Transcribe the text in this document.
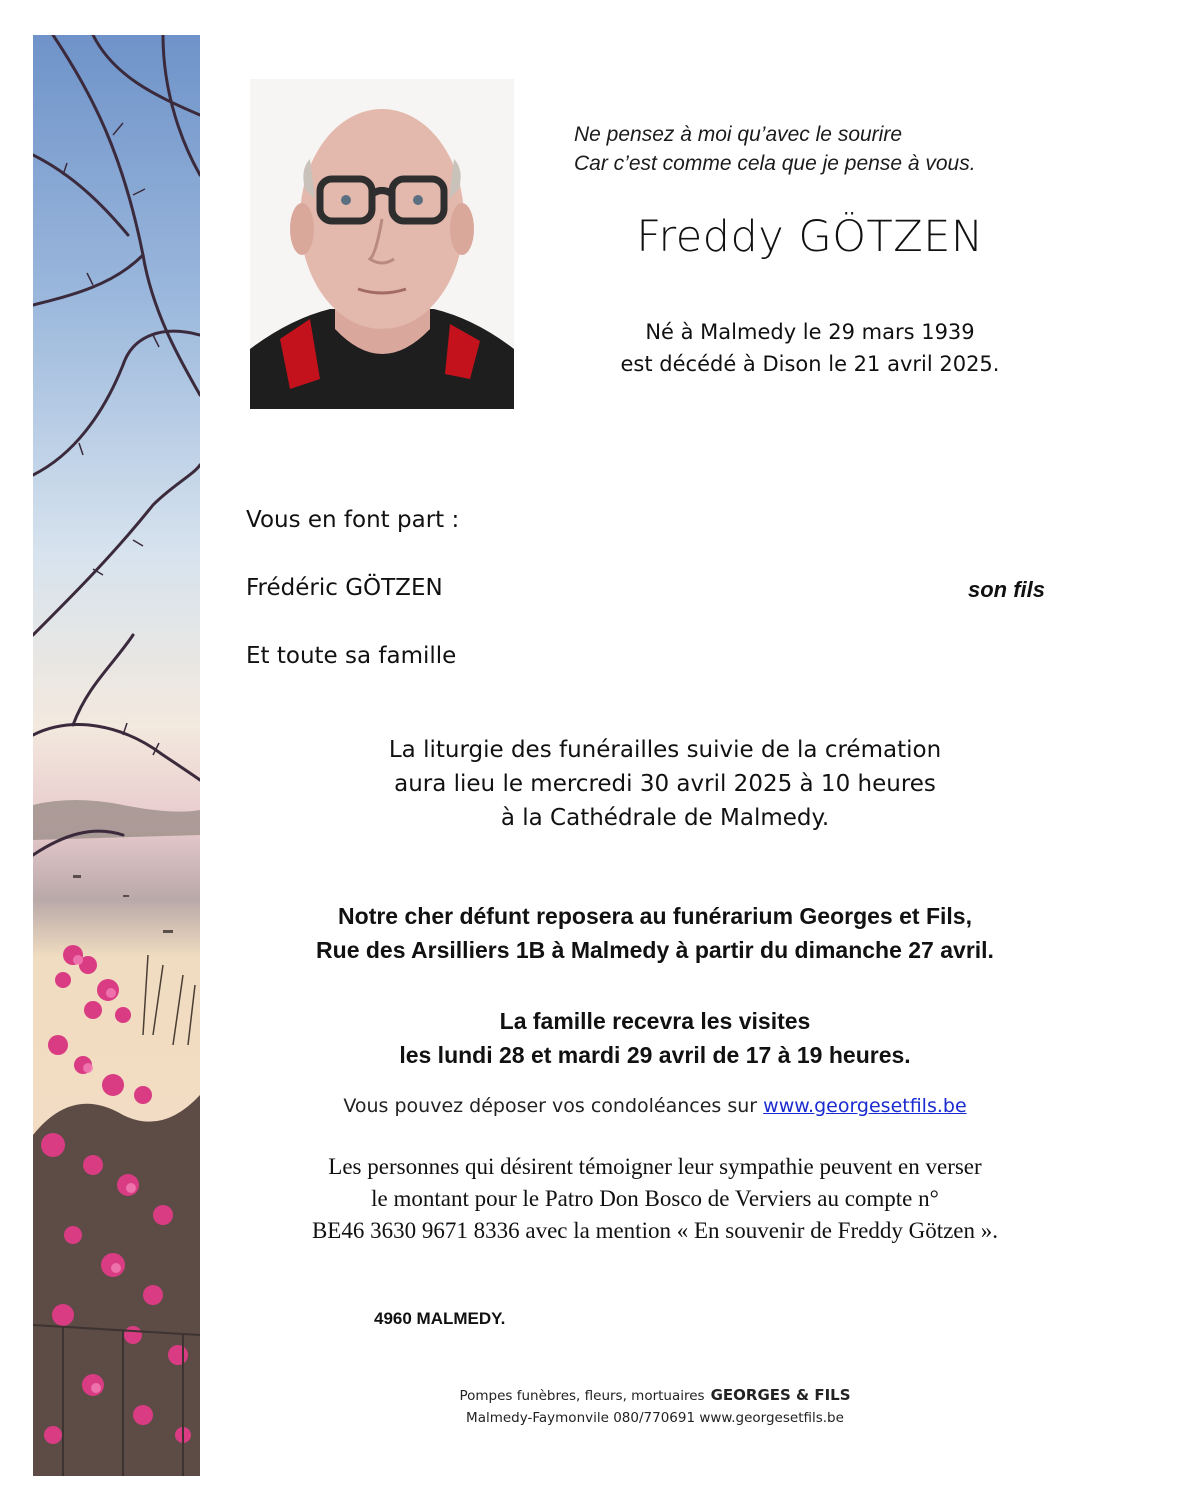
Ne pensez à moi qu’avec le sourire
Car c’est comme cela que je pense à vous.
Freddy GÖTZEN
Né à Malmedy le 29 mars 1939
est décédé à Dison le 21 avril 2025.
Vous en font part :
Frédéric GÖTZEN	son fils
Et toute sa famille
La liturgie des funérailles suivie de la crémation
aura lieu le mercredi 30 avril 2025 à 10 heures
à la Cathédrale de Malmedy.
Notre cher défunt reposera au funérarium Georges et Fils,
Rue des Arsilliers 1B à Malmedy à partir du dimanche 27 avril.
La famille recevra les visites
les lundi 28 et mardi 29 avril de 17 à 19 heures.
Vous pouvez déposer vos condoléances sur www.georgesetfils.be
Les personnes qui désirent témoigner leur sympathie peuvent en verser
le montant pour le Patro Don Bosco de Verviers au compte n°
BE46 3630 9671 8336 avec la mention « En souvenir de Freddy Götzen ».
4960 MALMEDY.
Pompes funèbres, fleurs, mortuaires GEORGES & FILS
Malmedy-Faymonvile 080/770691 www.georgesetfils.be
